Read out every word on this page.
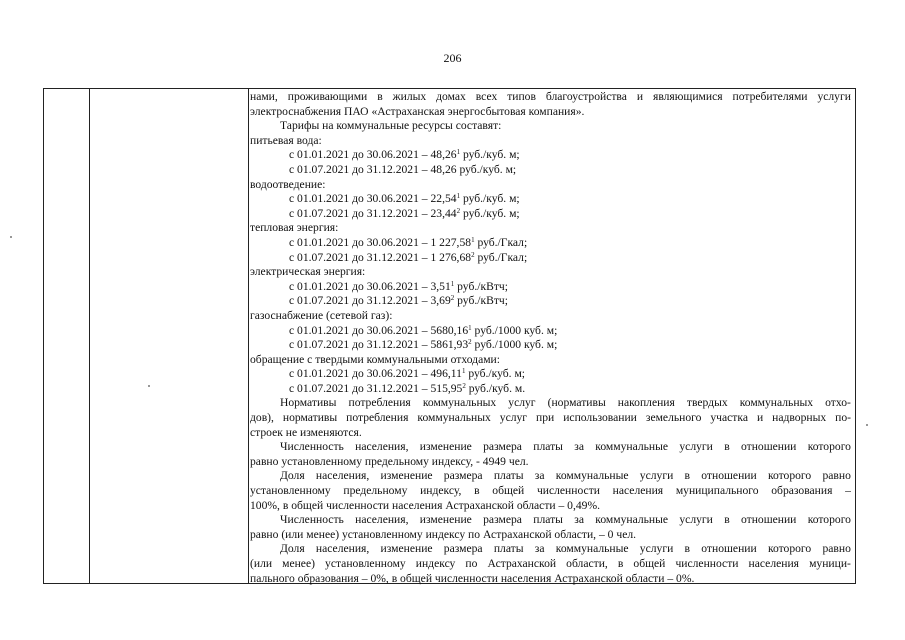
206
нами, проживающими в жилых домах всех типов благоустройства и являющимися потребителями услуги
электроснабжения ПАО «Астраханская энергосбытовая компания».
Тарифы на коммунальные ресурсы составят:
питьевая вода:
с 01.01.2021 до 30.06.2021 – 48,26$^1$ руб./куб. м;
с 01.07.2021 до 31.12.2021 – 48,26 руб./куб. м;
водоотведение:
с 01.01.2021 до 30.06.2021 – 22,54$^1$ руб./куб. м;
с 01.07.2021 до 31.12.2021 – 23,44$^2$ руб./куб. м;
тепловая энергия:
с 01.01.2021 до 30.06.2021 – 1 227,58$^1$ руб./Гкал;
с 01.07.2021 до 31.12.2021 – 1 276,68$^2$ руб./Гкал;
электрическая энергия:
с 01.01.2021 до 30.06.2021 – 3,51$^1$ руб./кВтч;
с 01.07.2021 до 31.12.2021 – 3,69$^2$ руб./кВтч;
газоснабжение (сетевой газ):
с 01.01.2021 до 30.06.2021 – 5680,16$^1$ руб./1000 куб. м;
с 01.07.2021 до 31.12.2021 – 5861,93$^2$ руб./1000 куб. м;
обращение с твердыми коммунальными отходами:
с 01.01.2021 до 30.06.2021 – 496,11$^1$ руб./куб. м;
с 01.07.2021 до 31.12.2021 – 515,95$^2$ руб./куб. м.
Нормативы потребления коммунальных услуг (нормативы накопления твердых коммунальных отхо-
дов), нормативы потребления коммунальных услуг при использовании земельного участка и надворных по-
строек не изменяются.
Численность населения, изменение размера платы за коммунальные услуги в отношении которого
равно установленному предельному индексу, - 4949 чел.
Доля населения, изменение размера платы за коммунальные услуги в отношении которого равно
установленному предельному индексу, в общей численности населения муниципального образования –
100%, в общей численности населения Астраханской области – 0,49%.
Численность населения, изменение размера платы за коммунальные услуги в отношении которого
равно (или менее) установленному индексу по Астраханской области, – 0 чел.
Доля населения, изменение размера платы за коммунальные услуги в отношении которого равно
(или менее) установленному индексу по Астраханской области, в общей численности населения муници-
пального образования – 0%, в общей численности населения Астраханской области – 0%.
